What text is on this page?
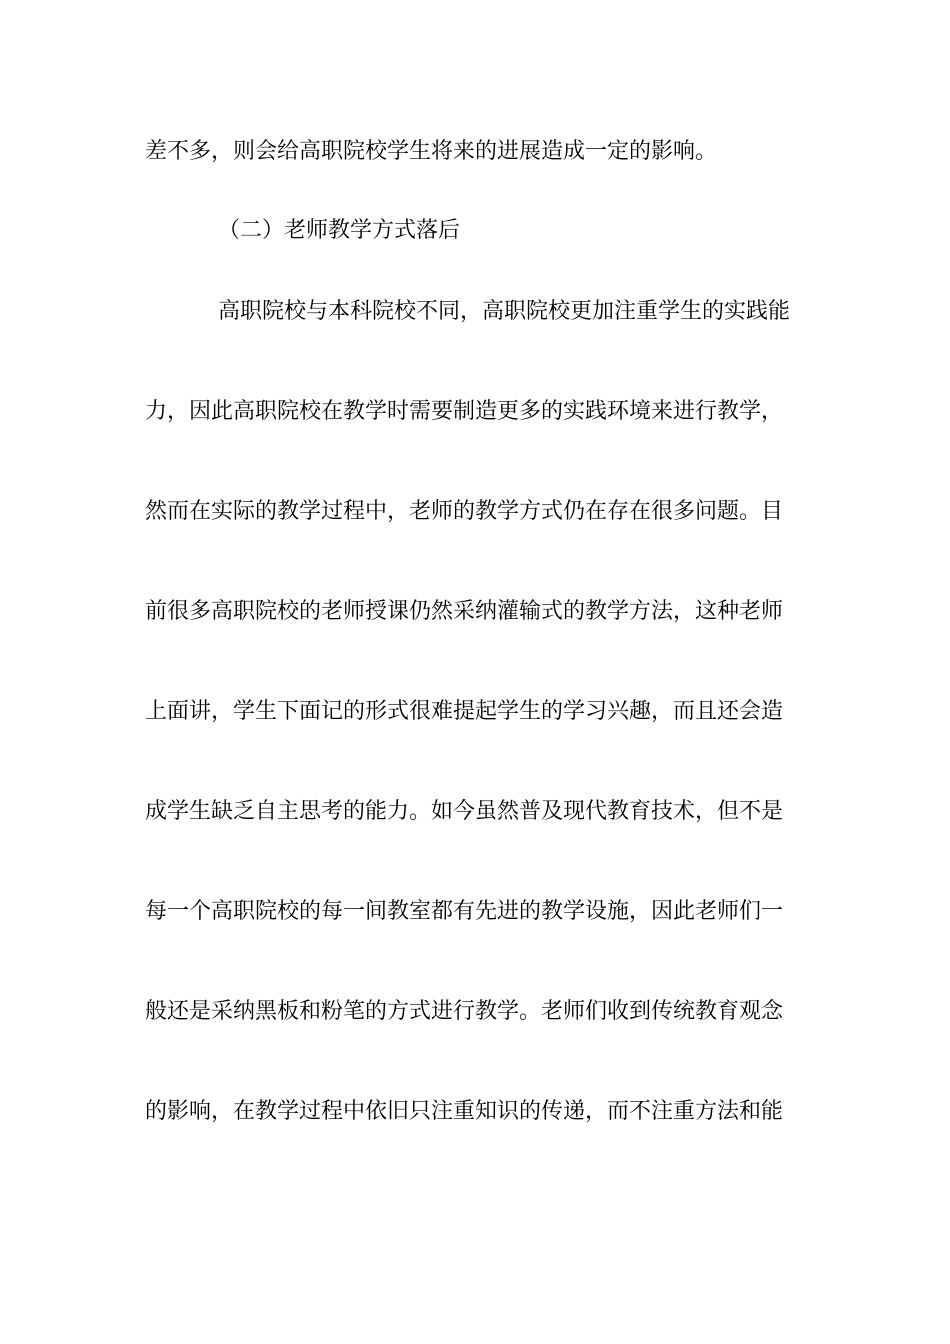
差不多，则会给高职院校学生将来的进展造成一定的影响。
（二）老师教学方式落后
高职院校与本科院校不同，高职院校更加注重学生的实践能
力，因此高职院校在教学时需要制造更多的实践环境来进行教学，
然而在实际的教学过程中，老师的教学方式仍在存在很多问题。目
前很多高职院校的老师授课仍然采纳灌输式的教学方法，这种老师
上面讲，学生下面记的形式很难提起学生的学习兴趣，而且还会造
成学生缺乏自主思考的能力。如今虽然普及现代教育技术，但不是
每一个高职院校的每一间教室都有先进的教学设施，因此老师们一
般还是采纳黑板和粉笔的方式进行教学。老师们收到传统教育观念
的影响，在教学过程中依旧只注重知识的传递，而不注重方法和能
